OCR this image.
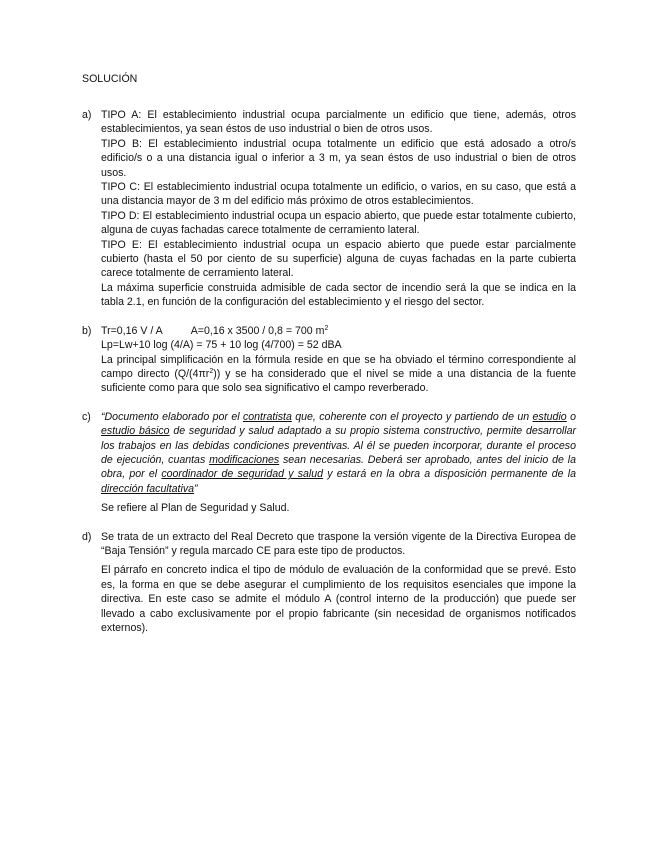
SOLUCIÓN
a) TIPO A: El establecimiento industrial ocupa parcialmente un edificio que tiene, además, otros establecimientos, ya sean éstos de uso industrial o bien de otros usos.

TIPO B: El establecimiento industrial ocupa totalmente un edificio que está adosado a otro/s edificio/s o a una distancia igual o inferior a 3 m, ya sean éstos de uso industrial o bien de otros usos.

TIPO C: El establecimiento industrial ocupa totalmente un edificio, o varios, en su caso, que está a una distancia mayor de 3 m del edificio más próximo de otros establecimientos.

TIPO D: El establecimiento industrial ocupa un espacio abierto, que puede estar totalmente cubierto, alguna de cuyas fachadas carece totalmente de cerramiento lateral.

TIPO E: El establecimiento industrial ocupa un espacio abierto que puede estar parcialmente cubierto (hasta el 50 por ciento de su superficie) alguna de cuyas fachadas en la parte cubierta carece totalmente de cerramiento lateral.

La máxima superficie construida admisible de cada sector de incendio será la que se indica en la tabla 2.1, en función de la configuración del establecimiento y el riesgo del sector.

b) Tr=0,16 V / A	A=0,16 x 3500 / 0,8 = 700 $m^2$

Lp=Lw+10 log (4/A) = 75 + 10 log (4/700) = 52 dBA

La principal simplificación en la fórmula reside en que se ha obviado el término correspondiente al campo directo $(Q/(4\pi r^2))$ y se ha considerado que el nivel se mide a una distancia de la fuente suficiente como para que solo sea significativo el campo reverberado.

c) “Documento elaborado por el contratista que, coherente con el proyecto y partiendo de un estudio o estudio básico de seguridad y salud adaptado a su propio sistema constructivo, permite desarrollar los trabajos en las debidas condiciones preventivas. Al él se pueden incorporar, durante el proceso de ejecución, cuantas modificaciones sean necesarias. Deberá ser aprobado, antes del inicio de la obra, por el coordinador de seguridad y salud y estará en la obra a disposición permanente de la dirección facultativa”

Se refiere al Plan de Seguridad y Salud.

d) Se trata de un extracto del Real Decreto que traspone la versión vigente de la Directiva Europea de “Baja Tensión” y regula marcado CE para este tipo de productos.

El párrafo en concreto indica el tipo de módulo de evaluación de la conformidad que se prevé. Esto es, la forma en que se debe asegurar el cumplimiento de los requisitos esenciales que impone la directiva. En este caso se admite el módulo A (control interno de la producción) que puede ser llevado a cabo exclusivamente por el propio fabricante (sin necesidad de organismos notificados externos).
